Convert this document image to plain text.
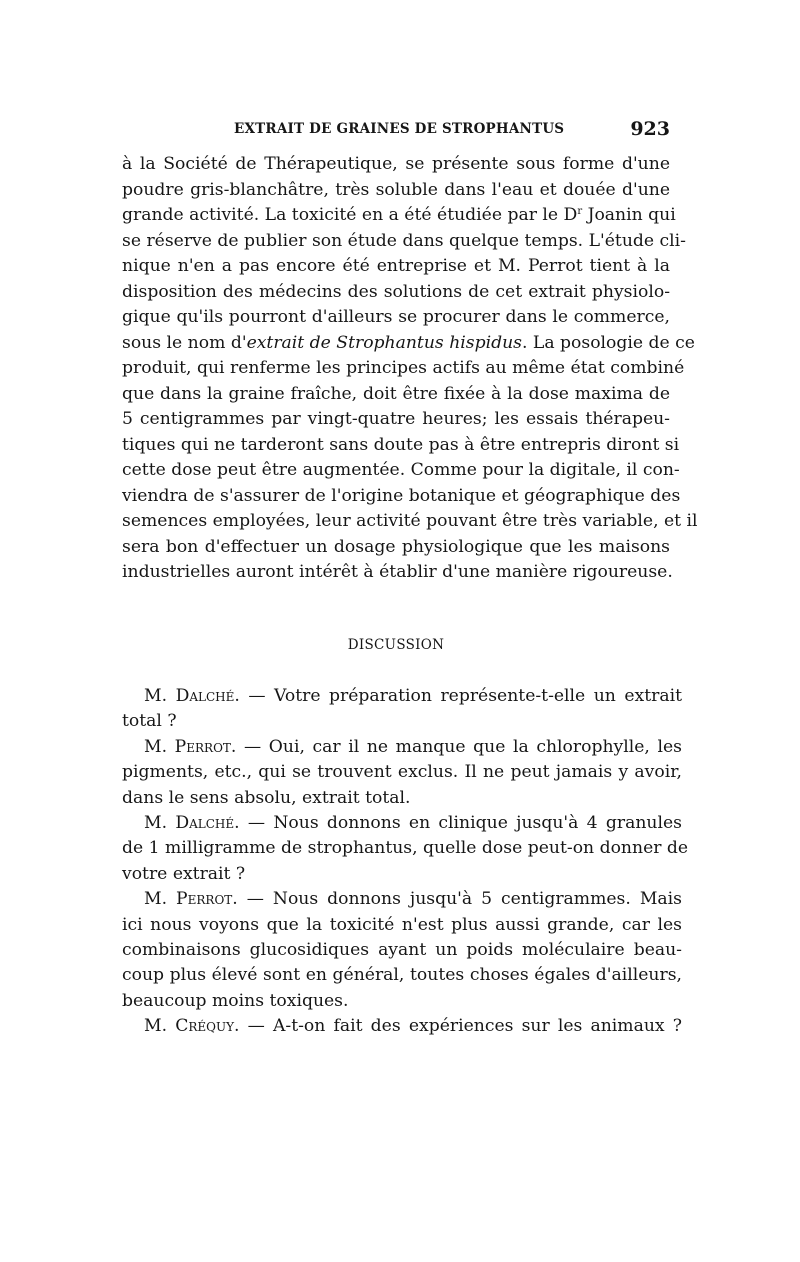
EXTRAIT DE GRAINES DE STROPHANTUS	923
à la Société de Thérapeutique, se présente sous forme d'une
poudre gris-blanchâtre, très soluble dans l'eau et douée d'une
grande activité. La toxicité en a été étudiée par le $D^r$ Joanin qui
se réserve de publier son étude dans quelque temps. L'étude cli-
nique n'en a pas encore été entreprise et M. Perrot tient à la
disposition des médecins des solutions de cet extrait physiolo-
gique qu'ils pourront d'ailleurs se procurer dans le commerce,
sous le nom d'extrait de Strophantus hispidus. La posologie de ce
produit, qui renferme les principes actifs au même état combiné
que dans la graine fraîche, doit être fixée à la dose maxima de
5 centigrammes par vingt-quatre heures; les essais thérapeu-
tiques qui ne tarderont sans doute pas à être entrepris diront si
cette dose peut être augmentée. Comme pour la digitale, il con-
viendra de s'assurer de l'origine botanique et géographique des
semences employées, leur activité pouvant être très variable, et il
sera bon d'effectuer un dosage physiologique que les maisons
industrielles auront intérêt à établir d'une manière rigoureuse.
DISCUSSION
M. Dalché. — Votre préparation représente-t-elle un extrait
total ?
M. Perrot. — Oui, car il ne manque que la chlorophylle, les
pigments, etc., qui se trouvent exclus. Il ne peut jamais y avoir,
dans le sens absolu, extrait total.
M. Dalché. — Nous donnons en clinique jusqu'à 4 granules
de 1 milligramme de strophantus, quelle dose peut-on donner de
votre extrait ?
M. Perrot. — Nous donnons jusqu'à 5 centigrammes. Mais
ici nous voyons que la toxicité n'est plus aussi grande, car les
combinaisons glucosidiques ayant un poids moléculaire beau-
coup plus élevé sont en général, toutes choses égales d'ailleurs,
beaucoup moins toxiques.
M. Créquy. — A-t-on fait des expériences sur les animaux ?
